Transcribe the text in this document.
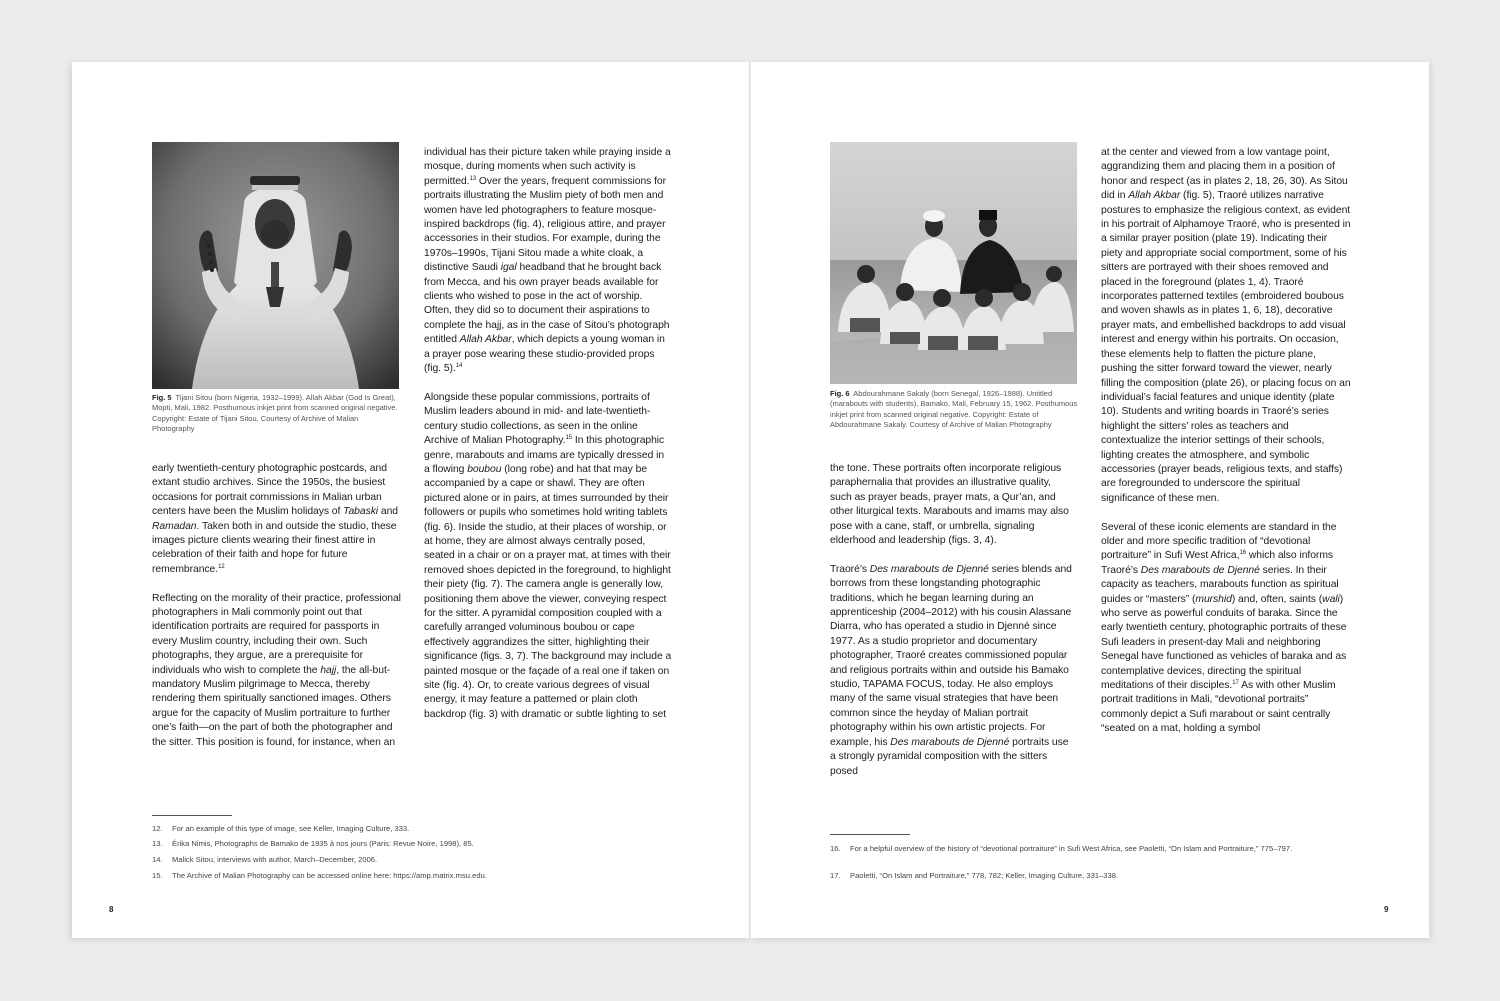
Fig. 5 Tijani Sitou (born Nigeria, 1932–1999). Allah Akbar (God Is Great), Mopti, Mali, 1982. Posthumous inkjet print from scanned original negative. Copyright: Estate of Tijani Sitou. Courtesy of Archive of Malian Photography

early twentieth-century photographic postcards, and extant studio archives. Since the 1950s, the busiest occasions for portrait commissions in Malian urban centers have been the Muslim holidays of Tabaski and Ramadan. Taken both in and outside the studio, these images picture clients wearing their finest attire in celebration of their faith and hope for future remembrance.$^{12}$

Reflecting on the morality of their practice, professional photographers in Mali commonly point out that identification portraits are required for passports in every Muslim country, including their own. Such photographs, they argue, are a prerequisite for individuals who wish to complete the hajj, the all-but-mandatory Muslim pilgrimage to Mecca, thereby rendering them spiritually sanctioned images. Others argue for the capacity of Muslim portraiture to further one’s faith—on the part of both the photographer and the sitter. This position is found, for instance, when an

individual has their picture taken while praying inside a mosque, during moments when such activity is permitted.$^{13}$ Over the years, frequent commissions for portraits illustrating the Muslim piety of both men and women have led photographers to feature mosque-inspired backdrops (fig. 4), religious attire, and prayer accessories in their studios. For example, during the 1970s–1990s, Tijani Sitou made a white cloak, a distinctive Saudi igal headband that he brought back from Mecca, and his own prayer beads available for clients who wished to pose in the act of worship. Often, they did so to document their aspirations to complete the hajj, as in the case of Sitou’s photograph entitled Allah Akbar, which depicts a young woman in a prayer pose wearing these studio-provided props (fig. 5).$^{14}$

Alongside these popular commissions, portraits of Muslim leaders abound in mid- and late-twentieth-century studio collections, as seen in the online Archive of Malian Photography.$^{15}$ In this photographic genre, marabouts and imams are typically dressed in a flowing boubou (long robe) and hat that may be accompanied by a cape or shawl. They are often pictured alone or in pairs, at times surrounded by their followers or pupils who sometimes hold writing tablets (fig. 6). Inside the studio, at their places of worship, or at home, they are almost always centrally posed, seated in a chair or on a prayer mat, at times with their removed shoes depicted in the foreground, to highlight their piety (fig. 7). The camera angle is generally low, positioning them above the viewer, conveying respect for the sitter. A pyramidal composition coupled with a carefully arranged voluminous boubou or cape effectively aggrandizes the sitter, highlighting their significance (figs. 3, 7). The background may include a painted mosque or the façade of a real one if taken on site (fig. 4). Or, to create various degrees of visual energy, it may feature a patterned or plain cloth backdrop (fig. 3) with dramatic or subtle lighting to set

12. For an example of this type of image, see Keller, Imaging Culture, 333.
13. Érika Nimis, Photographs de Bamako de 1935 à nos jours (Paris: Revue Noire, 1998), 85.
14. Malick Sitou, interviews with author, March–December, 2006.
15. The Archive of Malian Photography can be accessed online here: https://amp.matrix.msu.edu.
8
Fig. 6 Abdourahmane Sakaly (born Senegal, 1926–1988). Untitled (marabouts with students), Bamako, Mali, February 15, 1962. Posthumous inkjet print from scanned original negative. Copyright: Estate of Abdourahmane Sakaly. Courtesy of Archive of Malian Photography

the tone. These portraits often incorporate religious paraphernalia that provides an illustrative quality, such as prayer beads, prayer mats, a Qur’an, and other liturgical texts. Marabouts and imams may also pose with a cane, staff, or umbrella, signaling elderhood and leadership (figs. 3, 4).

Traoré’s Des marabouts de Djenné series blends and borrows from these longstanding photographic traditions, which he began learning during an apprenticeship (2004–2012) with his cousin Alassane Diarra, who has operated a studio in Djenné since 1977. As a studio proprietor and documentary photographer, Traoré creates commissioned popular and religious portraits within and outside his Bamako studio, TAPAMA FOCUS, today. He also employs many of the same visual strategies that have been common since the heyday of Malian portrait photography within his own artistic projects. For example, his Des marabouts de Djenné portraits use a strongly pyramidal composition with the sitters posed

at the center and viewed from a low vantage point, aggrandizing them and placing them in a position of honor and respect (as in plates 2, 18, 26, 30). As Sitou did in Allah Akbar (fig. 5), Traoré utilizes narrative postures to emphasize the religious context, as evident in his portrait of Alphamoye Traoré, who is presented in a similar prayer position (plate 19). Indicating their piety and appropriate social comportment, some of his sitters are portrayed with their shoes removed and placed in the foreground (plates 1, 4). Traoré incorporates patterned textiles (embroidered boubous and woven shawls as in plates 1, 6, 18), decorative prayer mats, and embellished backdrops to add visual interest and energy within his portraits. On occasion, these elements help to flatten the picture plane, pushing the sitter forward toward the viewer, nearly filling the composition (plate 26), or placing focus on an individual’s facial features and unique identity (plate 10). Students and writing boards in Traoré’s series highlight the sitters’ roles as teachers and contextualize the interior settings of their schools, lighting creates the atmosphere, and symbolic accessories (prayer beads, religious texts, and staffs) are foregrounded to underscore the spiritual significance of these men.

Several of these iconic elements are standard in the older and more specific tradition of “devotional portraiture” in Sufi West Africa,$^{16}$ which also informs Traoré’s Des marabouts de Djenné series. In their capacity as teachers, marabouts function as spiritual guides or “masters” (murshid) and, often, saints (wali) who serve as powerful conduits of baraka. Since the early twentieth century, photographic portraits of these Sufi leaders in present-day Mali and neighboring Senegal have functioned as vehicles of baraka and as contemplative devices, directing the spiritual meditations of their disciples.$^{17}$ As with other Muslim portrait traditions in Mali, “devotional portraits” commonly depict a Sufi marabout or saint centrally “seated on a mat, holding a symbol

16. For a helpful overview of the history of “devotional portraiture” in Sufi West Africa, see Paoletti, “On Islam and Portraiture,” 775–797.
17. Paoletti, “On Islam and Portraiture,” 778, 782; Keller, Imaging Culture, 331–338.
9
